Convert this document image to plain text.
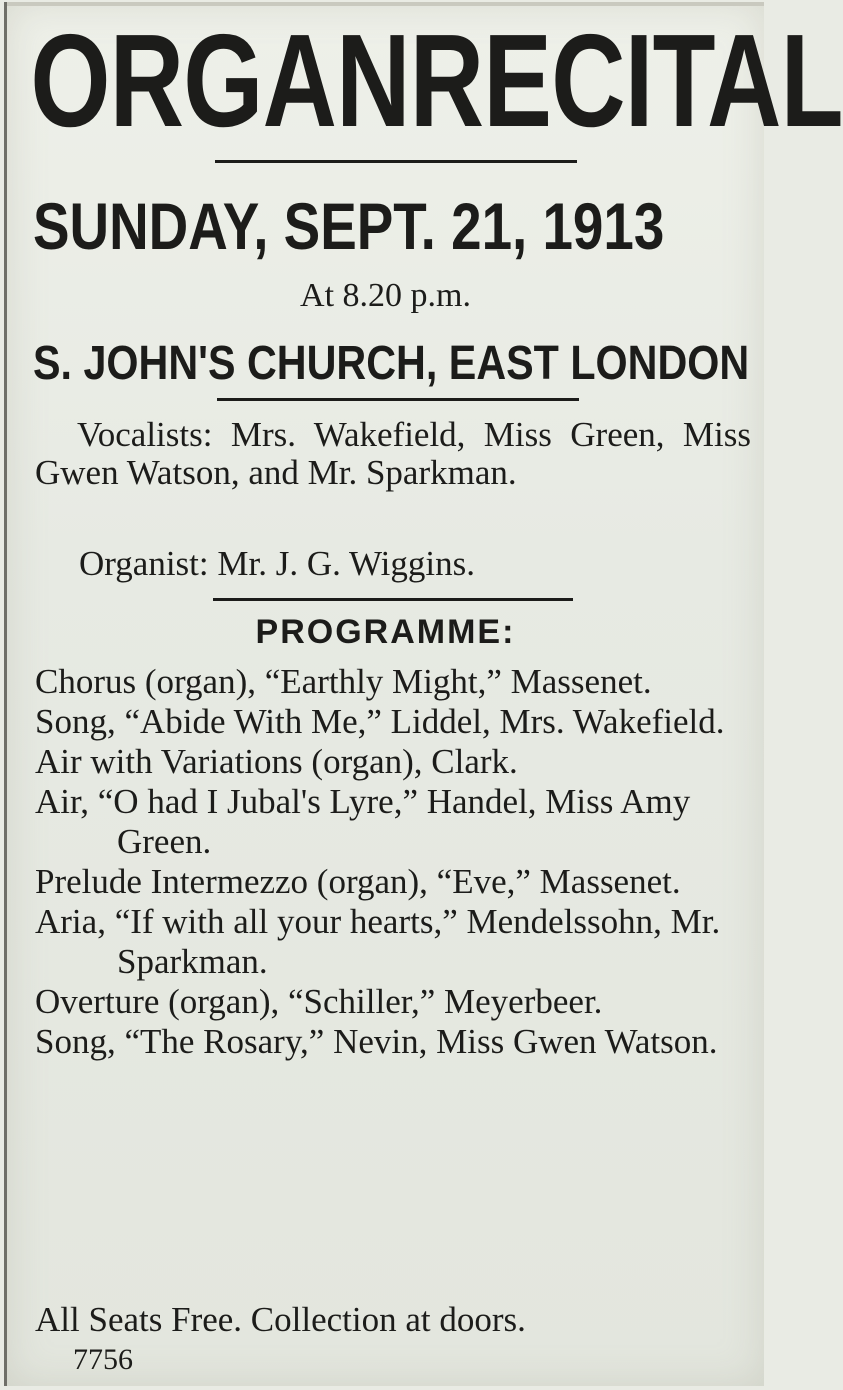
ORGAN RECITAL
SUNDAY, SEPT. 21, 1913
At 8.20 p.m.
S. JOHN'S CHURCH, EAST LONDON
Vocalists: Mrs. Wakefield, Miss Green, Miss Gwen Watson, and Mr. Sparkman.
Organist: Mr. J. G. Wiggins.
PROGRAMME:
Chorus (organ), “Earthly Might,” Massenet.
Song, “Abide With Me,” Liddel, Mrs. Wakefield.
Air with Variations (organ), Clark.
Air, “O had I Jubal's Lyre,” Handel, Miss Amy Green.
Prelude Intermezzo (organ), “Eve,” Massenet.
Aria, “If with all your hearts,” Mendelssohn, Mr. Sparkman.
Overture (organ), “Schiller,” Meyerbeer.
Song, “The Rosary,” Nevin, Miss Gwen Watson.
All Seats Free. Collection at doors.
7756
